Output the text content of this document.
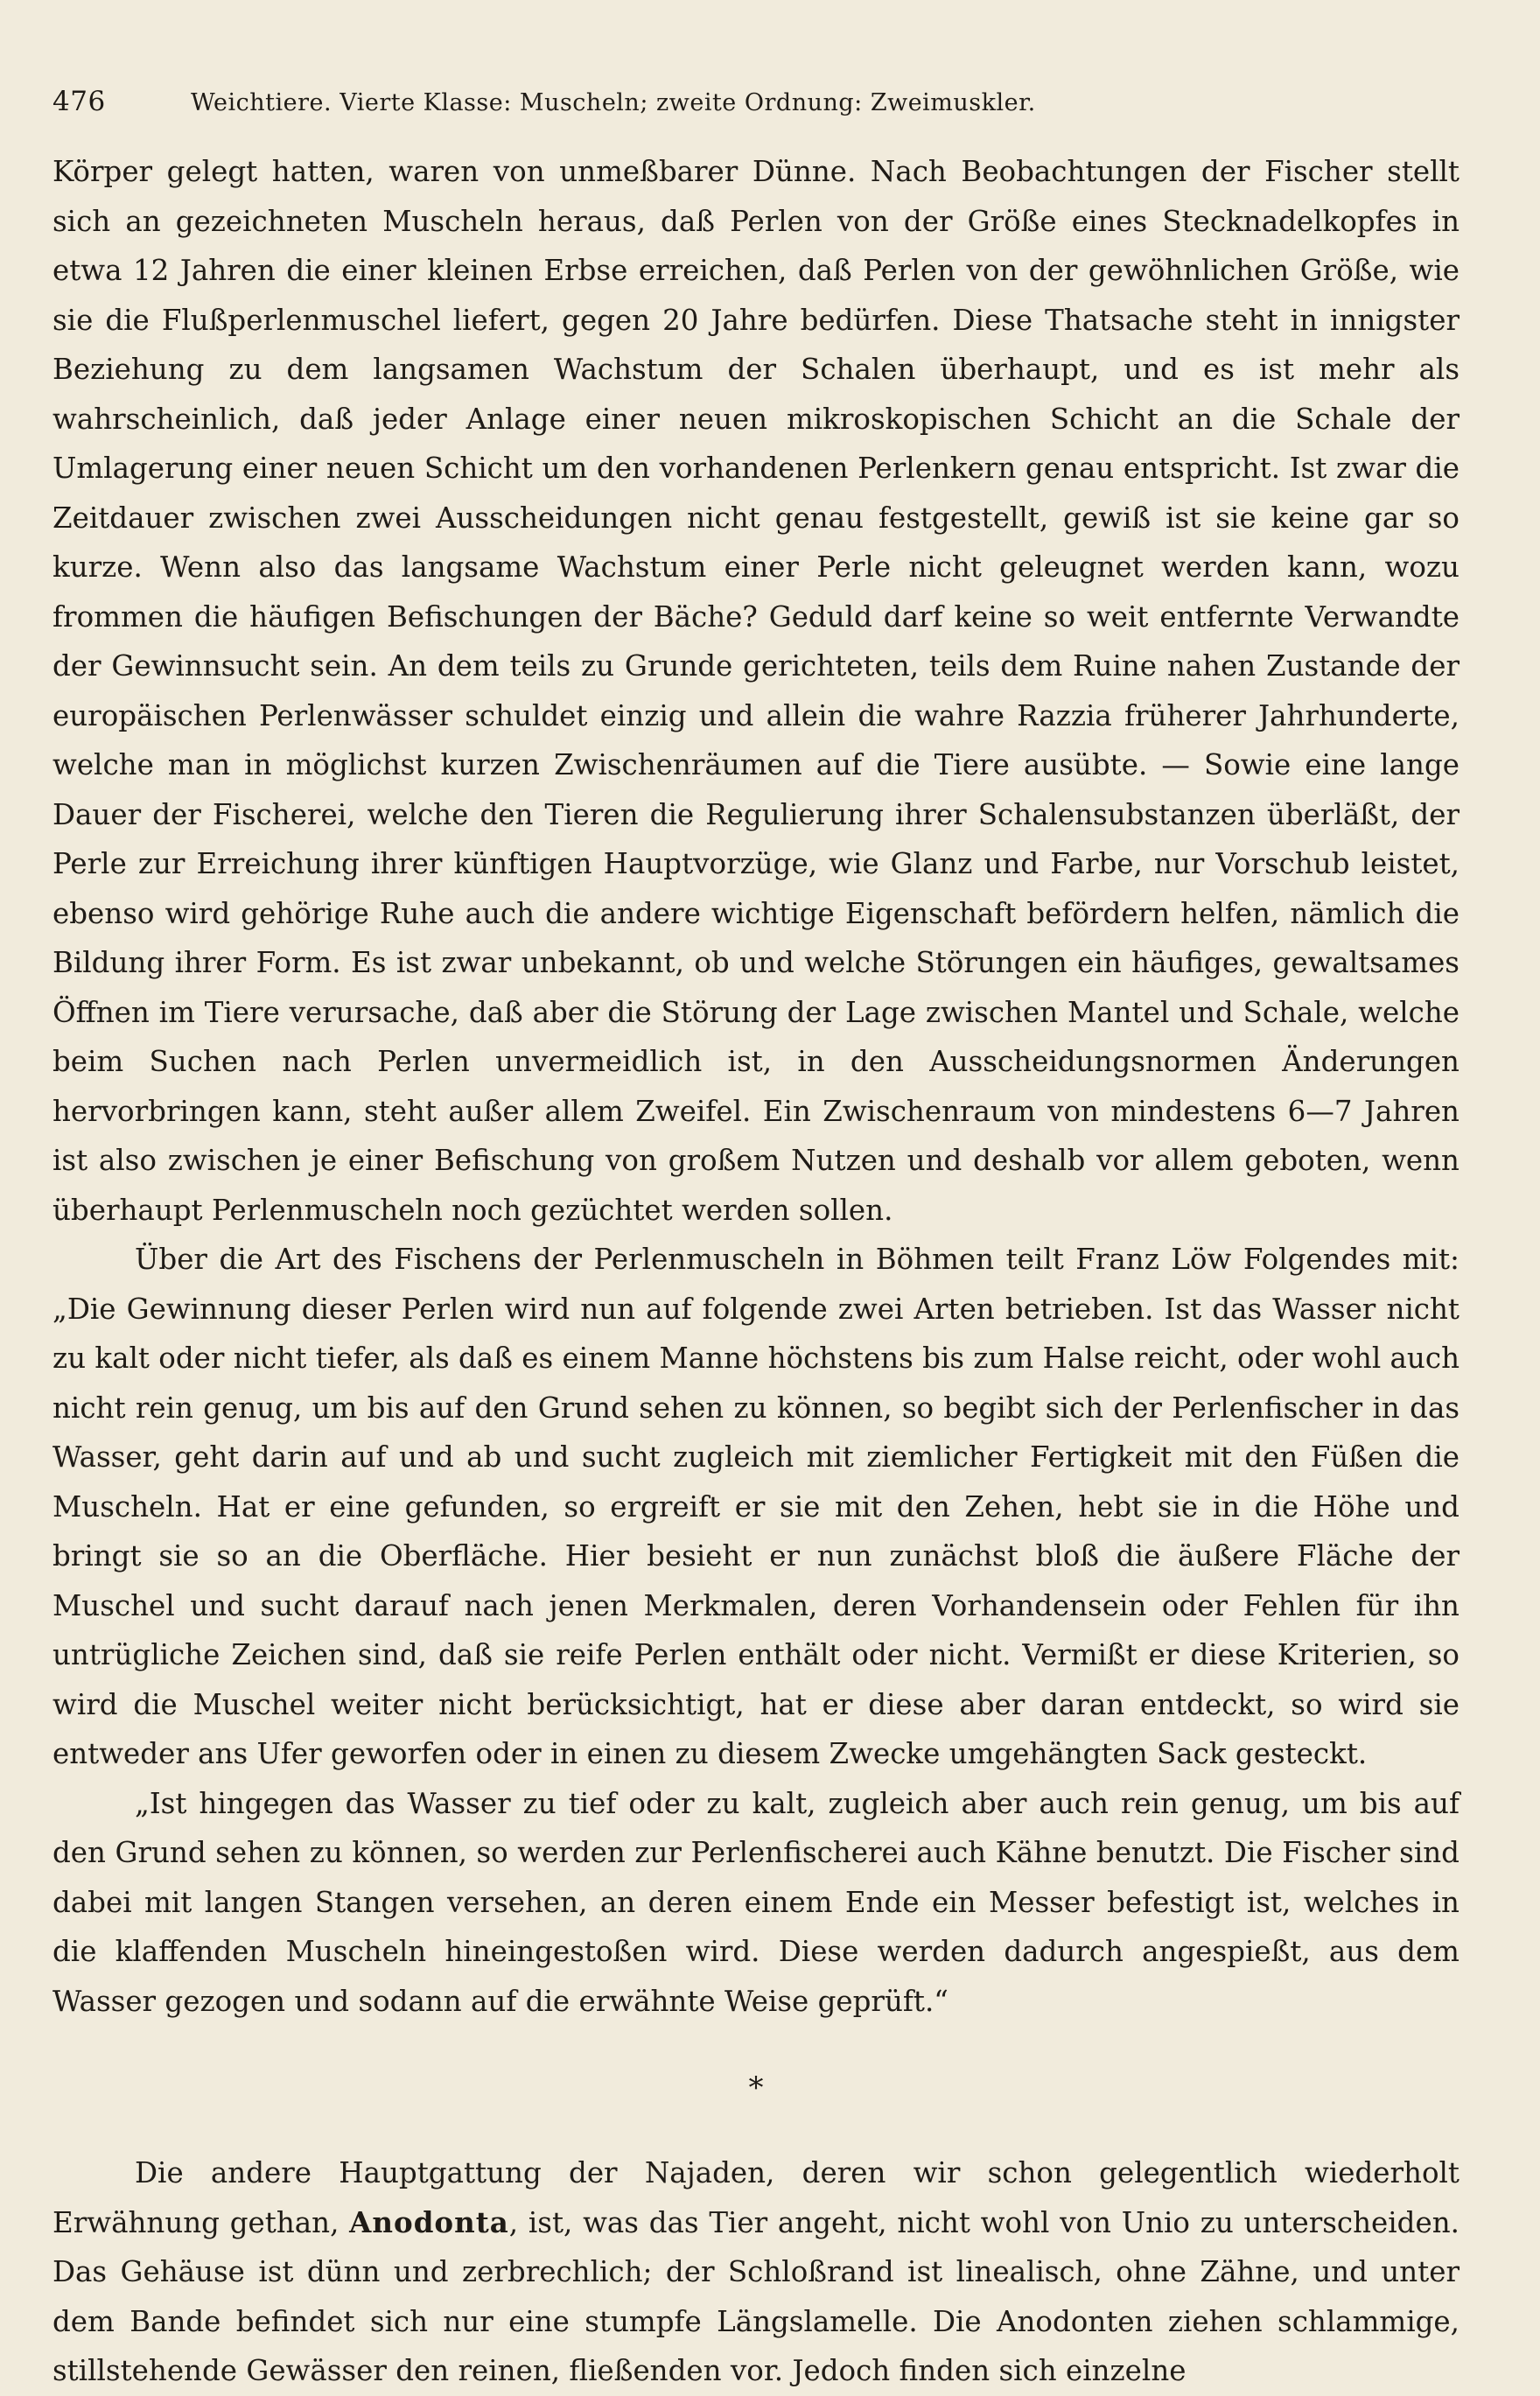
476	Weichtiere. Vierte Klasse: Muscheln; zweite Ordnung: Zweimuskler.

Körper gelegt hatten, waren von unmeßbarer Dünne. Nach Beobachtungen der Fischer stellt sich an gezeichneten Muscheln heraus, daß Perlen von der Größe eines Stecknadelkopfes in etwa 12 Jahren die einer kleinen Erbse erreichen, daß Perlen von der gewöhnlichen Größe, wie sie die Flußperlenmuschel liefert, gegen 20 Jahre bedürfen. Diese Thatsache steht in innigster Beziehung zu dem langsamen Wachstum der Schalen überhaupt, und es ist mehr als wahrscheinlich, daß jeder Anlage einer neuen mikroskopischen Schicht an die Schale der Umlagerung einer neuen Schicht um den vorhandenen Perlenkern genau entspricht. Ist zwar die Zeitdauer zwischen zwei Ausscheidungen nicht genau festgestellt, gewiß ist sie keine gar so kurze. Wenn also das langsame Wachstum einer Perle nicht geleugnet werden kann, wozu frommen die häufigen Befischungen der Bäche? Geduld darf keine so weit entfernte Verwandte der Gewinnsucht sein. An dem teils zu Grunde gerichteten, teils dem Ruine nahen Zustande der europäischen Perlenwässer schuldet einzig und allein die wahre Razzia früherer Jahrhunderte, welche man in möglichst kurzen Zwischenräumen auf die Tiere ausübte. — Sowie eine lange Dauer der Fischerei, welche den Tieren die Regulierung ihrer Schalensubstanzen überläßt, der Perle zur Erreichung ihrer künftigen Hauptvorzüge, wie Glanz und Farbe, nur Vorschub leistet, ebenso wird gehörige Ruhe auch die andere wichtige Eigenschaft befördern helfen, nämlich die Bildung ihrer Form. Es ist zwar unbekannt, ob und welche Störungen ein häufiges, gewaltsames Öffnen im Tiere verursache, daß aber die Störung der Lage zwischen Mantel und Schale, welche beim Suchen nach Perlen unvermeidlich ist, in den Ausscheidungsnormen Änderungen hervorbringen kann, steht außer allem Zweifel. Ein Zwischenraum von mindestens 6—7 Jahren ist also zwischen je einer Befischung von großem Nutzen und deshalb vor allem geboten, wenn überhaupt Perlenmuscheln noch gezüchtet werden sollen.

Über die Art des Fischens der Perlenmuscheln in Böhmen teilt Franz Löw Folgendes mit: „Die Gewinnung dieser Perlen wird nun auf folgende zwei Arten betrieben. Ist das Wasser nicht zu kalt oder nicht tiefer, als daß es einem Manne höchstens bis zum Halse reicht, oder wohl auch nicht rein genug, um bis auf den Grund sehen zu können, so begibt sich der Perlenfischer in das Wasser, geht darin auf und ab und sucht zugleich mit ziemlicher Fertigkeit mit den Füßen die Muscheln. Hat er eine gefunden, so ergreift er sie mit den Zehen, hebt sie in die Höhe und bringt sie so an die Oberfläche. Hier besieht er nun zunächst bloß die äußere Fläche der Muschel und sucht darauf nach jenen Merkmalen, deren Vorhandensein oder Fehlen für ihn untrügliche Zeichen sind, daß sie reife Perlen enthält oder nicht. Vermißt er diese Kriterien, so wird die Muschel weiter nicht berücksichtigt, hat er diese aber daran entdeckt, so wird sie entweder ans Ufer geworfen oder in einen zu diesem Zwecke umgehängten Sack gesteckt.

„Ist hingegen das Wasser zu tief oder zu kalt, zugleich aber auch rein genug, um bis auf den Grund sehen zu können, so werden zur Perlenfischerei auch Kähne benutzt. Die Fischer sind dabei mit langen Stangen versehen, an deren einem Ende ein Messer befestigt ist, welches in die klaffenden Muscheln hineingestoßen wird. Diese werden dadurch angespießt, aus dem Wasser gezogen und sodann auf die erwähnte Weise geprüft.“

*

Die andere Hauptgattung der Najaden, deren wir schon gelegentlich wiederholt Erwähnung gethan, Anodonta, ist, was das Tier angeht, nicht wohl von Unio zu unterscheiden. Das Gehäuse ist dünn und zerbrechlich; der Schloßrand ist linealisch, ohne Zähne, und unter dem Bande befindet sich nur eine stumpfe Längslamelle. Die Anodonten ziehen schlammige, stillstehende Gewässer den reinen, fließenden vor. Jedoch finden sich einzelne
